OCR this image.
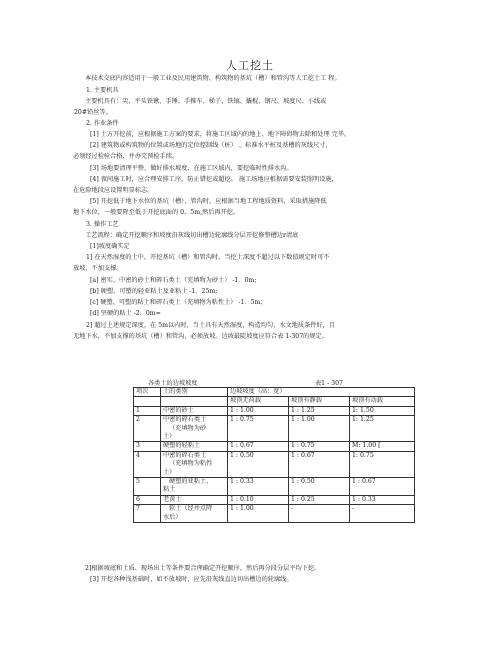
人工挖土
本技术交底内容适用于一般工业及民用建筑物、构筑物的基坑（槽）和管沟等人工挖土工 程。
1. 主要机具
主要机具有：尖、平头铁锹、手锤、手推车、梯子、铁镐、撬棍、钢尺、坡度尺、小线或
20#铅丝等。
2. 作业条件
[1] 土方开挖前，应根据施工方案的要求，将施工区域内的地上、地下障碍物去除和处理 完毕。
[2] 建筑物或构筑物的位置或场地的定位控制线（桩） 、标准水平桩及基槽的灰线尺寸，
必须经过检验合格，并办完预检手续。
[3] 场地要清理平整，做好排水坡度，在施工区域内，要挖临时性排水沟。
[4] 夜间施工时，应合理安排工序，防止错挖或超挖。 施工场地应根据需要安装照明设施，
在危险地段应设置明显标志。
[5] 开挖低于地下水位的基坑（槽），管沟时，应根据当地工程地质资料，采取措施降低
地下水位，一般要降至低于开挖底面的 0。5m,然后再开挖。
3. 操作工艺
工艺流程：确定开挖顺序和坡度沿灰线切出槽边轮廓线分层开挖修整槽边r清底
[1]坡度确实定
1] 在天然湿度的土中，开挖基坑（槽）和管沟时，当挖土深度不超过以下数值规定时可不
放坡，不加支撑。
[a] 密实、中密的砂土和碎石类土（充填物为砂土） -1．0m;
[b] 硬塑、可塑的轻亚粘土及亚粘土 -1．25m;
[c] 硬塑、可塑的粘土和碎石类土（充填物为粘性土） -1．5m；
[d] 坚硬的粘土 -2．0m=
2] 超过上述规定深度，在 5m以内时，当土具有天然湿度，构造均匀，水文地质条件好，且
无地下水，不加支撑的基坑（槽）和管沟，必须放坡。边坡最陡坡度应符合表 1-307的规定。
各类土的边坡坡度	表1 - 307
项次	土的类别	边坡坡度（高：宽）		
		坡顶无荷载	坡顶有静载	坡顶有动载
1	中密的砂土	1 : 1.00	1 : 1.25	1: 1.50
2	中密的碎石类土
（充填物为砂
土）	1 : 0.75	1 : 1.00	1: 1.25
3	硬塑的轻粘土	1 : 0.67	1 : 0.75	M: 1.00 [
4	中密的碎石类土
（充填物为粘性
土）	1 : 0.50	1 : 0.67	1: 0.75
5	硬塑的亚粘土、
粘土	1 : 0.33	1 : 0.50	1 : 0.67
6	老黄土	1 : 0.10	1 : 0.25	1 : 0.33
7	软土（经井点降
水后）	1 : 1.00	-	-
2]根据坡底和土质、现场出土等条件要合理确定开挖顺序，然后再分段分层平均下挖。
[3] 开挖各种浅基础时，如不放坡时，应先沿灰线直边切出槽边的轮廓线。
